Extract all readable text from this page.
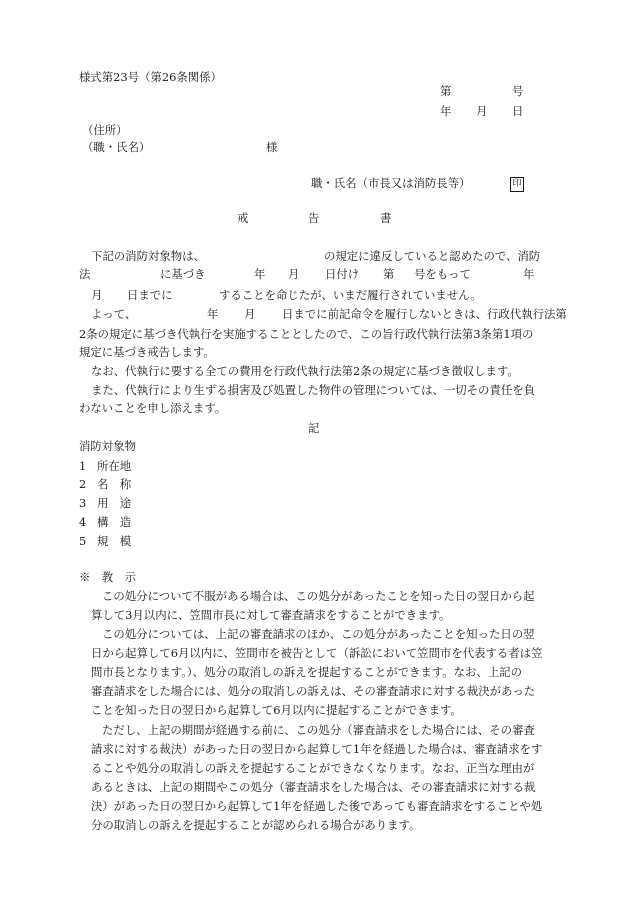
様式第23号（第26条関係）
第	号
年 月 日
（住所）
（職・氏名）	様
職・氏名（市長又は消防長等）	印
戒	告	書
下記の消防対象物は、	の規定に違反していると認めたので、消防
法	に基づき	年 月 日付け 第 号をもって	年
月 日までに	することを命じたが、いまだ履行されていません。
よって、	年 月 日までに前記命令を履行しないときは、行政代執行法第
2条の規定に基づき代執行を実施することとしたので、この旨行政代執行法第3条第1項の
規定に基づき戒告します。
なお、代執行に要する全ての費用を行政代執行法第2条の規定に基づき徴収します。
また、代執行により生ずる損害及び処置した物件の管理については、一切その責任を負
わないことを申し添えます。
記
消防対象物
1 所在地
2 名　称
3 用　途
4 構　造
5 規　模
※　教　示
この処分について不服がある場合は、この処分があったことを知った日の翌日から起
算して3月以内に、笠間市長に対して審査請求をすることができます。
この処分については、上記の審査請求のほか、この処分があったことを知った日の翌
日から起算して6月以内に、笠間市を被告として（訴訟において笠間市を代表する者は笠
間市長となります。）、処分の取消しの訴えを提起することができます。なお、上記の
審査請求をした場合には、処分の取消しの訴えは、その審査請求に対する裁決があった
ことを知った日の翌日から起算して6月以内に提起することができます。
ただし、上記の期間が経過する前に、この処分（審査請求をした場合には、その審査
請求に対する裁決）があった日の翌日から起算して1年を経過した場合は、審査請求をす
ることや処分の取消しの訴えを提起することができなくなります。なお、正当な理由が
あるときは、上記の期間やこの処分（審査請求をした場合は、その審査請求に対する裁
決）があった日の翌日から起算して1年を経過した後であっても審査請求をすることや処
分の取消しの訴えを提起することが認められる場合があります。
